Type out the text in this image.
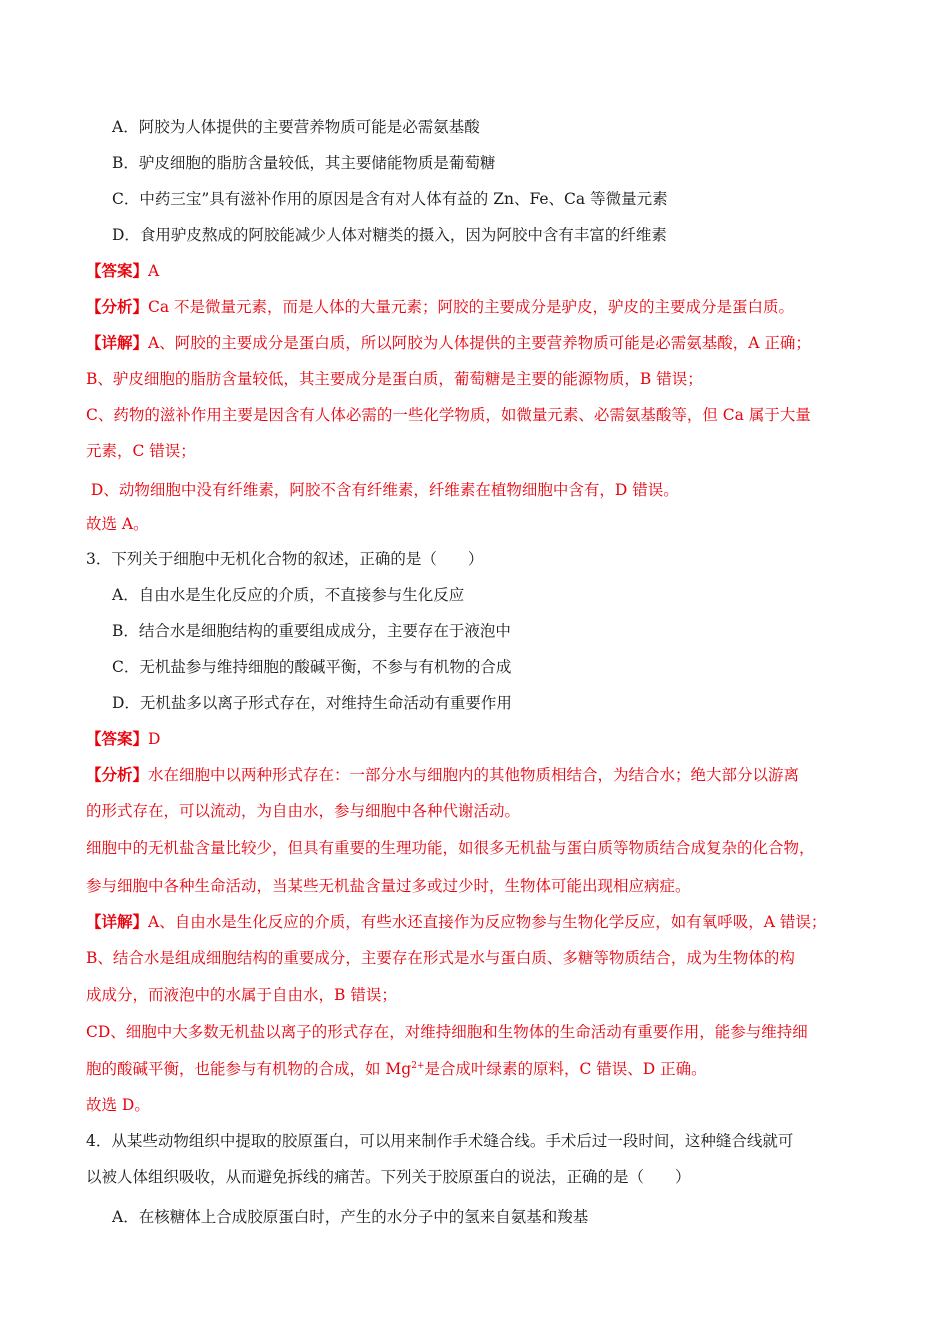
A．阿胶为人体提供的主要营养物质可能是必需氨基酸
B．驴皮细胞的脂肪含量较低，其主要储能物质是葡萄糖
C．中药三宝”具有滋补作用的原因是含有对人体有益的 Zn、Fe、Ca 等微量元素
D．食用驴皮熬成的阿胶能减少人体对糖类的摄入，因为阿胶中含有丰富的纤维素
【答案】A
【分析】Ca 不是微量元素，而是人体的大量元素；阿胶的主要成分是驴皮，驴皮的主要成分是蛋白质。
【详解】A、阿胶的主要成分是蛋白质，所以阿胶为人体提供的主要营养物质可能是必需氨基酸，A 正确；
B、驴皮细胞的脂肪含量较低，其主要成分是蛋白质，葡萄糖是主要的能源物质，B 错误；
C、药物的滋补作用主要是因含有人体必需的一些化学物质，如微量元素、必需氨基酸等，但 Ca 属于大量
元素，C 错误；
D、动物细胞中没有纤维素，阿胶不含有纤维素，纤维素在植物细胞中含有，D 错误。
故选 A。
3．下列关于细胞中无机化合物的叙述，正确的是（　　）
A．自由水是生化反应的介质，不直接参与生化反应
B．结合水是细胞结构的重要组成成分，主要存在于液泡中
C．无机盐参与维持细胞的酸碱平衡，不参与有机物的合成
D．无机盐多以离子形式存在，对维持生命活动有重要作用
【答案】D
【分析】水在细胞中以两种形式存在：一部分水与细胞内的其他物质相结合，为结合水；绝大部分以游离
的形式存在，可以流动，为自由水，参与细胞中各种代谢活动。
细胞中的无机盐含量比较少，但具有重要的生理功能，如很多无机盐与蛋白质等物质结合成复杂的化合物，
参与细胞中各种生命活动，当某些无机盐含量过多或过少时，生物体可能出现相应病症。
【详解】A、自由水是生化反应的介质，有些水还直接作为反应物参与生物化学反应，如有氧呼吸，A 错误；
B、结合水是组成细胞结构的重要成分，主要存在形式是水与蛋白质、多糖等物质结合，成为生物体的构
成成分，而液泡中的水属于自由水，B 错误；
CD、细胞中大多数无机盐以离子的形式存在，对维持细胞和生物体的生命活动有重要作用，能参与维持细
胞的酸碱平衡，也能参与有机物的合成，如 $Mg^{2+}$是合成叶绿素的原料，C 错误、D 正确。
故选 D。
4．从某些动物组织中提取的胶原蛋白，可以用来制作手术缝合线。手术后过一段时间，这种缝合线就可
以被人体组织吸收，从而避免拆线的痛苦。下列关于胶原蛋白的说法，正确的是（　　）
A．在核糖体上合成胶原蛋白时，产生的水分子中的氢来自氨基和羧基
